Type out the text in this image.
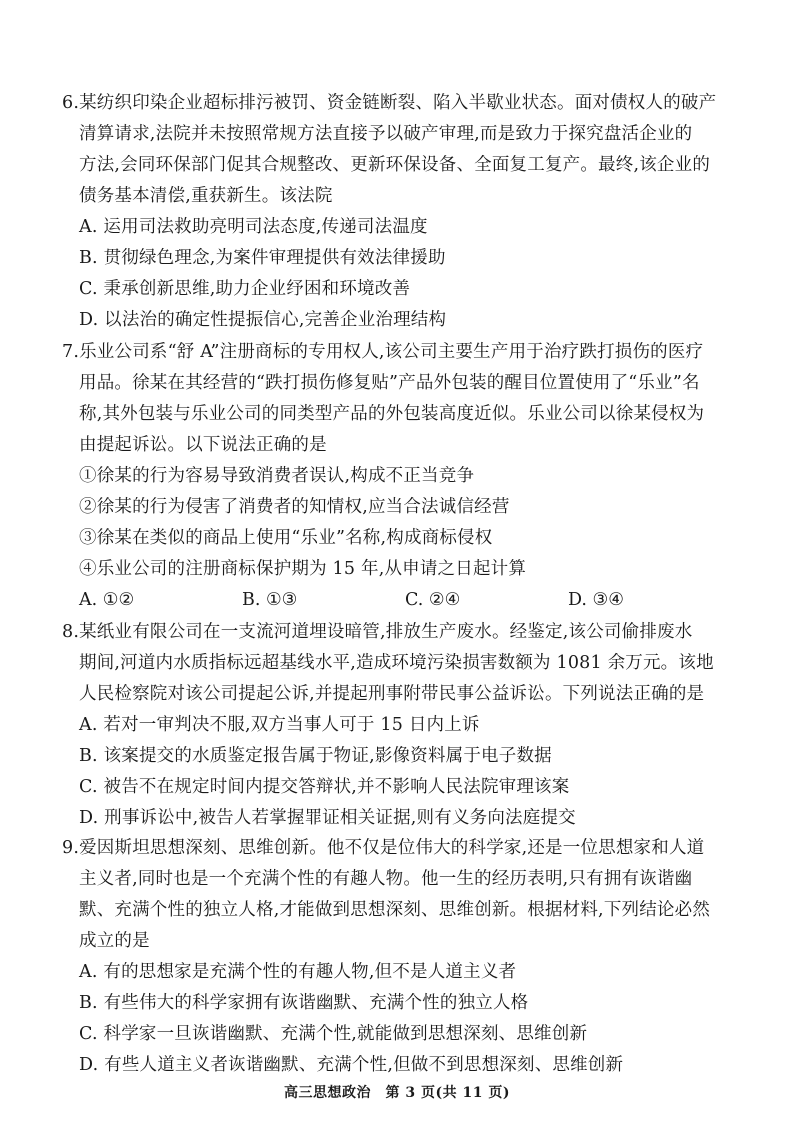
6.某纺织印染企业超标排污被罚、资金链断裂、陷入半歇业状态。面对债权人的破产
清算请求,法院并未按照常规方法直接予以破产审理,而是致力于探究盘活企业的
方法,会同环保部门促其合规整改、更新环保设备、全面复工复产。最终,该企业的
债务基本清偿,重获新生。该法院
A. 运用司法救助亮明司法态度,传递司法温度
B. 贯彻绿色理念,为案件审理提供有效法律援助
C. 秉承创新思维,助力企业纾困和环境改善
D. 以法治的确定性提振信心,完善企业治理结构
7.乐业公司系“舒 A”注册商标的专用权人,该公司主要生产用于治疗跌打损伤的医疗
用品。徐某在其经营的“跌打损伤修复贴”产品外包装的醒目位置使用了“乐业”名
称,其外包装与乐业公司的同类型产品的外包装高度近似。乐业公司以徐某侵权为
由提起诉讼。以下说法正确的是
①徐某的行为容易导致消费者误认,构成不正当竞争
②徐某的行为侵害了消费者的知情权,应当合法诚信经营
③徐某在类似的商品上使用“乐业”名称,构成商标侵权
④乐业公司的注册商标保护期为 15 年,从申请之日起计算
A. ①②	B. ①③	C. ②④	D. ③④
8.某纸业有限公司在一支流河道埋设暗管,排放生产废水。经鉴定,该公司偷排废水
期间,河道内水质指标远超基线水平,造成环境污染损害数额为 1081 余万元。该地
人民检察院对该公司提起公诉,并提起刑事附带民事公益诉讼。下列说法正确的是
A. 若对一审判决不服,双方当事人可于 15 日内上诉
B. 该案提交的水质鉴定报告属于物证,影像资料属于电子数据
C. 被告不在规定时间内提交答辩状,并不影响人民法院审理该案
D. 刑事诉讼中,被告人若掌握罪证相关证据,则有义务向法庭提交
9.爱因斯坦思想深刻、思维创新。他不仅是位伟大的科学家,还是一位思想家和人道
主义者,同时也是一个充满个性的有趣人物。他一生的经历表明,只有拥有诙谐幽
默、充满个性的独立人格,才能做到思想深刻、思维创新。根据材料,下列结论必然
成立的是
A. 有的思想家是充满个性的有趣人物,但不是人道主义者
B. 有些伟大的科学家拥有诙谐幽默、充满个性的独立人格
C. 科学家一旦诙谐幽默、充满个性,就能做到思想深刻、思维创新
D. 有些人道主义者诙谐幽默、充满个性,但做不到思想深刻、思维创新
高三思想政治　第 3 页(共 11 页)
